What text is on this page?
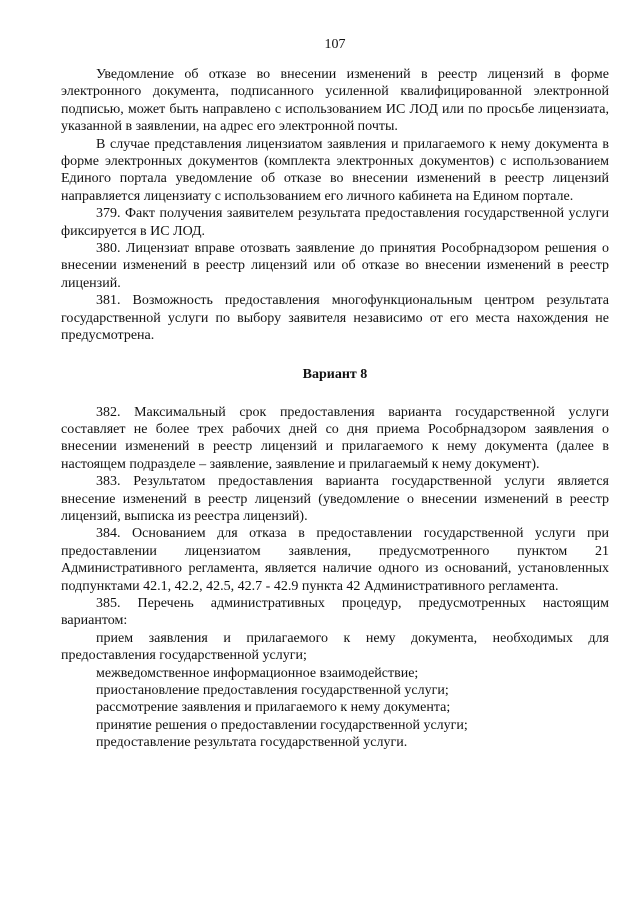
107

Уведомление об отказе во внесении изменений в реестр лицензий в форме электронного документа, подписанного усиленной квалифицированной электронной подписью, может быть направлено с использованием ИС ЛОД или по просьбе лицензиата, указанной в заявлении, на адрес его электронной почты.

В случае представления лицензиатом заявления и прилагаемого к нему документа в форме электронных документов (комплекта электронных документов) с использованием Единого портала уведомление об отказе во внесении изменений в реестр лицензий направляется лицензиату с использованием его личного кабинета на Едином портале.

379. Факт получения заявителем результата предоставления государственной услуги фиксируется в ИС ЛОД.

380. Лицензиат вправе отозвать заявление до принятия Рособрнадзором решения о внесении изменений в реестр лицензий или об отказе во внесении изменений в реестр лицензий.

381. Возможность предоставления многофункциональным центром результата государственной услуги по выбору заявителя независимо от его места нахождения не предусмотрена.

Вариант 8

382. Максимальный срок предоставления варианта государственной услуги составляет не более трех рабочих дней со дня приема Рособрнадзором заявления о внесении изменений в реестр лицензий и прилагаемого к нему документа (далее в настоящем подразделе – заявление, заявление и прилагаемый к нему документ).

383. Результатом предоставления варианта государственной услуги является внесение изменений в реестр лицензий (уведомление о внесении изменений в реестр лицензий, выписка из реестра лицензий).

384. Основанием для отказа в предоставлении государственной услуги при предоставлении лицензиатом заявления, предусмотренного пунктом 21 Административного регламента, является наличие одного из оснований, установленных подпунктами 42.1, 42.2, 42.5, 42.7 - 42.9 пункта 42 Административного регламента.

385. Перечень административных процедур, предусмотренных настоящим вариантом:

прием заявления и прилагаемого к нему документа, необходимых для предоставления государственной услуги;
межведомственное информационное взаимодействие;
приостановление предоставления государственной услуги;
рассмотрение заявления и прилагаемого к нему документа;
принятие решения о предоставлении государственной услуги;
предоставление результата государственной услуги.
